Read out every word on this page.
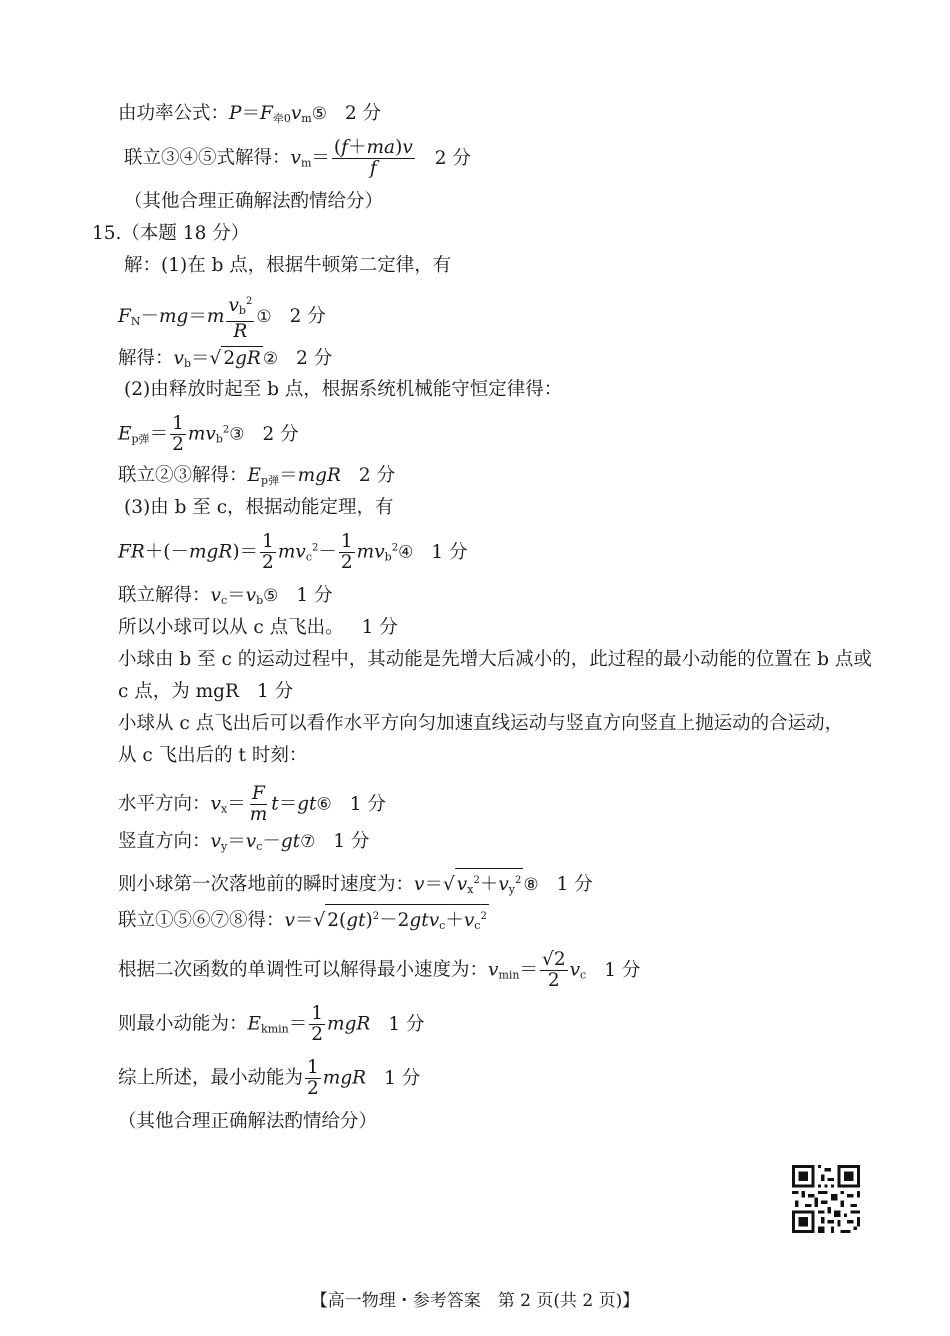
由功率公式：$P=F_{牵0}v_m⑤$ 2 分
联立③④⑤式解得：$v_m= \frac{(f+ma)v}{f} 2$ 分
（其他合理正确解法酌情给分）
15.（本题 18 分）
解：(1)在 b 点，根据牛顿第二定律，有
$F_N-mg=m \frac{v_b^2}{R}$ ① 2 分
解得：$v_b=√$ 2gR ② 2 分
(2)由释放时起至 b 点，根据系统机械能守恒定律得：
$E_{p弹}= \frac{1}{2}$ $mv_b^2③$ 2 分
联立②③解得：$E_{p弹}=mgR$ 2 分
(3)由 b 至 c，根据动能定理，有
$FR+(-mgR)= \frac{1}{2} mv_c^2- \frac{1}{2}$ $mv_b^2④$ 1 分
联立解得：$v_c=v_b⑤$ 1 分
所以小球可以从 c 点飞出。 1 分
小球由 b 至 c 的运动过程中，其动能是先增大后减小的，此过程的最小动能的位置在 b 点或
c 点，为 mgR 1 分
小球从 c 点飞出后可以看作水平方向匀加速直线运动与竖直方向竖直上抛运动的合运动，
从 c 飞出后的 t 时刻：
水平方向：$v_x= \frac{F}{m}$ t＝gt⑥ 1 分
竖直方向：$v_y=v_c-gt⑦$ 1 分
则小球第一次落地前的瞬时速度为：v＝√ $v_x^2+v_y^2$ ⑧ 1 分
联立①⑤⑥⑦⑧得：v＝√ $2(gt)^2-2gtv_c+v_c^2$
根据二次函数的单调性可以解得最小速度为：$v_{min}= \frac{√2}{2} v_c$ 1 分
则最小动能为：$E_{kmin}= \frac{1}{2}$ mgR 1 分
综上所述，最小动能为 $\frac{1}{2}$ mgR 1 分
（其他合理正确解法酌情给分）
【高一物理・参考答案　第 2 页(共 2 页)】
